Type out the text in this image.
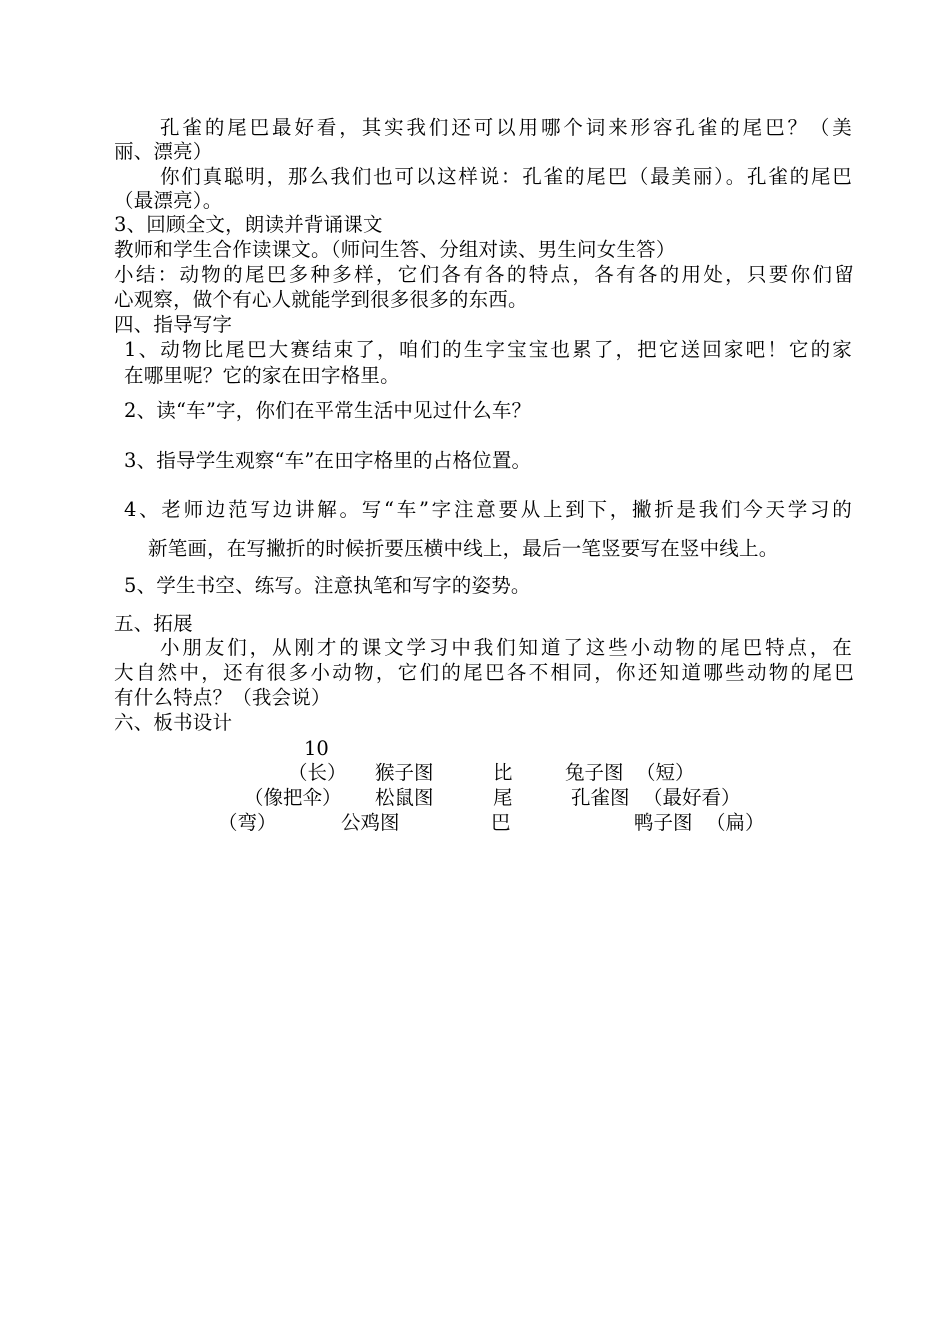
孔雀的尾巴最好看，其实我们还可以用哪个词来形容孔雀的尾巴？（美
丽、漂亮）
你们真聪明，那么我们也可以这样说：孔雀的尾巴（最美丽）。孔雀的尾巴
（最漂亮）。
3、回顾全文，朗读并背诵课文
教师和学生合作读课文。（师问生答、分组对读、男生问女生答）
小结：动物的尾巴多种多样，它们各有各的特点，各有各的用处，只要你们留
心观察，做个有心人就能学到很多很多的东西。
四、指导写字
1、动物比尾巴大赛结束了，咱们的生字宝宝也累了，把它送回家吧！它的家
在哪里呢？它的家在田字格里。
2、读“车”字，你们在平常生活中见过什么车？
3、指导学生观察“车”在田字格里的占格位置。
4、老师边范写边讲解。写“车”字注意要从上到下，撇折是我们今天学习的
新笔画，在写撇折的时候折要压横中线上，最后一笔竖要写在竖中线上。
5、学生书空、练写。注意执笔和写字的姿势。
五、拓展
小朋友们，从刚才的课文学习中我们知道了这些小动物的尾巴特点，在
大自然中，还有很多小动物，它们的尾巴各不相同，你还知道哪些动物的尾巴
有什么特点？（我会说）
六、板书设计
10
（长） 猴子图	比	兔子图 （短）
（像把伞） 松鼠图	尾	孔雀图 （最好看）
（弯）	公鸡图	巴	鸭子图 （扁）
